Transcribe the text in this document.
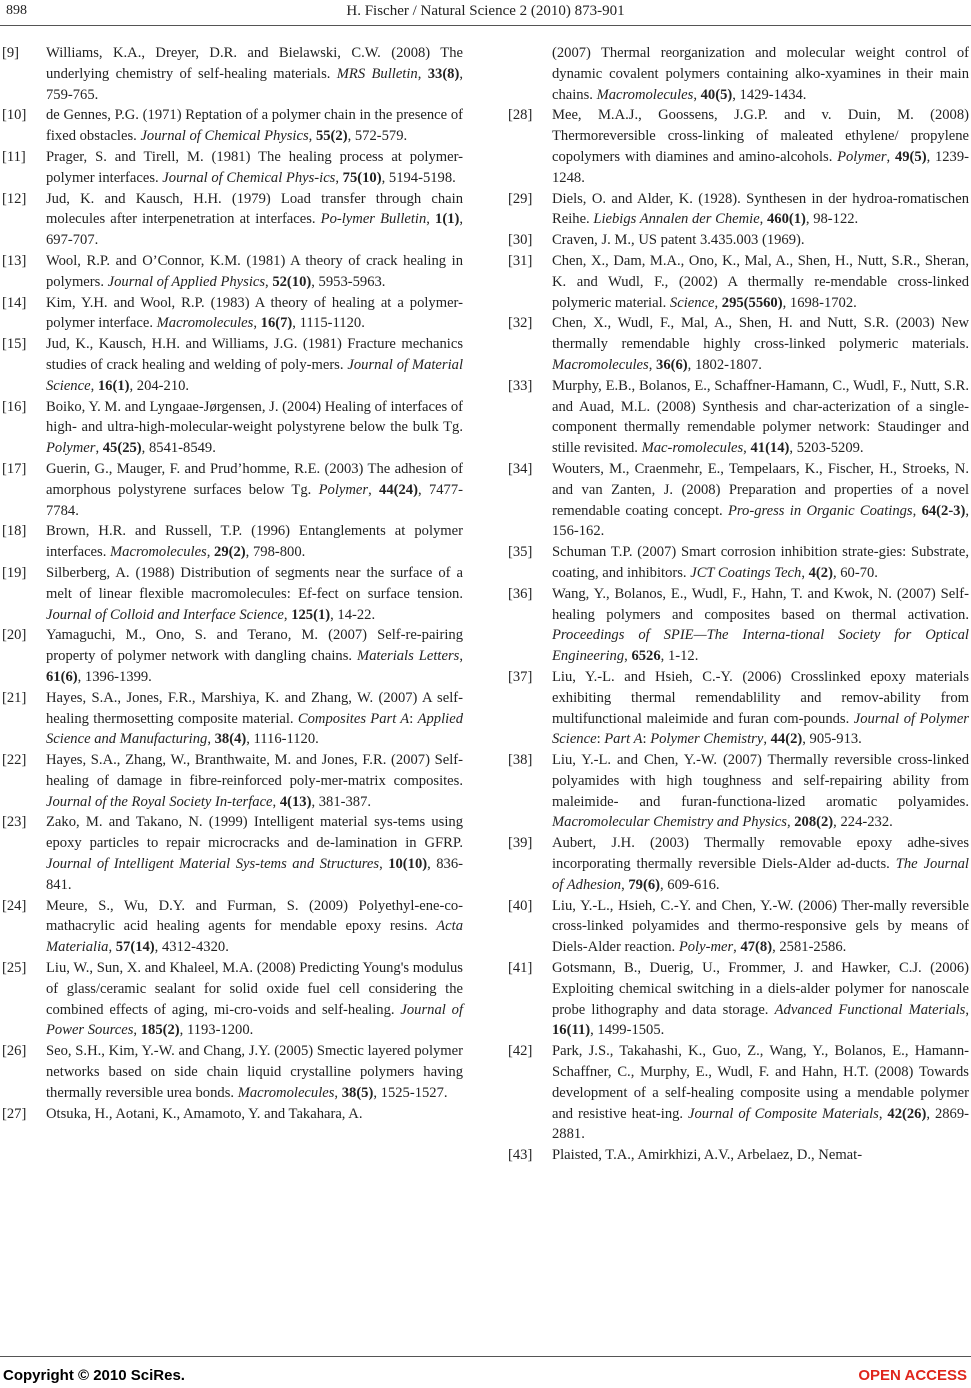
898	H. Fischer / Natural Science 2 (2010) 873-901
[9]	Williams, K.A., Dreyer, D.R. and Bielawski, C.W. (2008) The underlying chemistry of self-healing materials. MRS Bulletin, 33(8), 759-765.
[10]	de Gennes, P.G. (1971) Reptation of a polymer chain in the presence of fixed obstacles. Journal of Chemical Physics, 55(2), 572-579.
[11]	Prager, S. and Tirell, M. (1981) The healing process at polymer-polymer interfaces. Journal of Chemical Phys-ics, 75(10), 5194-5198.
[12]	Jud, K. and Kausch, H.H. (1979) Load transfer through chain molecules after interpenetration at interfaces. Po-lymer Bulletin, 1(1), 697-707.
[13]	Wool, R.P. and O’Connor, K.M. (1981) A theory of crack healing in polymers. Journal of Applied Physics, 52(10), 5953-5963.
[14]	Kim, Y.H. and Wool, R.P. (1983) A theory of healing at a polymer-polymer interface. Macromolecules, 16(7), 1115-1120.
[15]	Jud, K., Kausch, H.H. and Williams, J.G. (1981) Fracture mechanics studies of crack healing and welding of poly-mers. Journal of Material Science, 16(1), 204-210.
[16]	Boiko, Y. M. and Lyngaae-Jørgensen, J. (2004) Healing of interfaces of high- and ultra-high-molecular-weight polystyrene below the bulk Tg. Polymer, 45(25), 8541-8549.
[17]	Guerin, G., Mauger, F. and Prud’homme, R.E. (2003) The adhesion of amorphous polystyrene surfaces below Tg. Polymer, 44(24), 7477-7784.
[18]	Brown, H.R. and Russell, T.P. (1996) Entanglements at polymer interfaces. Macromolecules, 29(2), 798-800.
[19]	Silberberg, A. (1988) Distribution of segments near the surface of a melt of linear flexible macromolecules: Ef-fect on surface tension. Journal of Colloid and Interface Science, 125(1), 14-22.
[20]	Yamaguchi, M., Ono, S. and Terano, M. (2007) Self-re-pairing property of polymer network with dangling chains. Materials Letters, 61(6), 1396-1399.
[21]	Hayes, S.A., Jones, F.R., Marshiya, K. and Zhang, W. (2007) A self-healing thermosetting composite material. Composites Part A: Applied Science and Manufacturing, 38(4), 1116-1120.
[22]	Hayes, S.A., Zhang, W., Branthwaite, M. and Jones, F.R. (2007) Self-healing of damage in fibre-reinforced poly-mer-matrix composites. Journal of the Royal Society In-terface, 4(13), 381-387.
[23]	Zako, M. and Takano, N. (1999) Intelligent material sys-tems using epoxy particles to repair microcracks and de-lamination in GFRP. Journal of Intelligent Material Sys-tems and Structures, 10(10), 836-841.
[24]	Meure, S., Wu, D.Y. and Furman, S. (2009) Polyethyl-ene-co-mathacrylic acid healing agents for mendable epoxy resins. Acta Materialia, 57(14), 4312-4320.
[25]	Liu, W., Sun, X. and Khaleel, M.A. (2008) Predicting Young's modulus of glass/ceramic sealant for solid oxide fuel cell considering the combined effects of aging, mi-cro-voids and self-healing. Journal of Power Sources, 185(2), 1193-1200.
[26]	Seo, S.H., Kim, Y.-W. and Chang, J.Y. (2005) Smectic layered polymer networks based on side chain liquid crystalline polymers having thermally reversible urea bonds. Macromolecules, 38(5), 1525-1527.
[27]	Otsuka, H., Aotani, K., Amamoto, Y. and Takahara, A.
(2007) Thermal reorganization and molecular weight control of dynamic covalent polymers containing alko-xyamines in their main chains. Macromolecules, 40(5), 1429-1434.
[28]	Mee, M.A.J., Goossens, J.G.P. and v. Duin, M. (2008) Thermoreversible cross-linking of maleated ethylene/ propylene copolymers with diamines and amino-alcohols. Polymer, 49(5), 1239-1248.
[29]	Diels, O. and Alder, K. (1928). Synthesen in der hydroa-romatischen Reihe. Liebigs Annalen der Chemie, 460(1), 98-122.
[30]	Craven, J. M., US patent 3.435.003 (1969).
[31]	Chen, X., Dam, M.A., Ono, K., Mal, A., Shen, H., Nutt, S.R., Sheran, K. and Wudl, F., (2002) A thermally re-mendable cross-linked polymeric material. Science, 295(5560), 1698-1702.
[32]	Chen, X., Wudl, F., Mal, A., Shen, H. and Nutt, S.R. (2003) New thermally remendable highly cross-linked polymeric materials. Macromolecules, 36(6), 1802-1807.
[33]	Murphy, E.B., Bolanos, E., Schaffner-Hamann, C., Wudl, F., Nutt, S.R. and Auad, M.L. (2008) Synthesis and char-acterization of a single-component thermally remendable polymer network: Staudinger and stille revisited. Mac-romolecules, 41(14), 5203-5209.
[34]	Wouters, M., Craenmehr, E., Tempelaars, K., Fischer, H., Stroeks, N. and van Zanten, J. (2008) Preparation and properties of a novel remendable coating concept. Pro-gress in Organic Coatings, 64(2-3), 156-162.
[35]	Schuman T.P. (2007) Smart corrosion inhibition strate-gies: Substrate, coating, and inhibitors. JCT Coatings Tech, 4(2), 60-70.
[36]	Wang, Y., Bolanos, E., Wudl, F., Hahn, T. and Kwok, N. (2007) Self-healing polymers and composites based on thermal activation. Proceedings of SPIE—The Interna-tional Society for Optical Engineering, 6526, 1-12.
[37]	Liu, Y.-L. and Hsieh, C.-Y. (2006) Crosslinked epoxy materials exhibiting thermal remendablility and remov-ability from multifunctional maleimide and furan com-pounds. Journal of Polymer Science: Part A: Polymer Chemistry, 44(2), 905-913.
[38]	Liu, Y.-L. and Chen, Y.-W. (2007) Thermally reversible cross-linked polyamides with high toughness and self-repairing ability from maleimide- and furan-functiona-lized aromatic polyamides. Macromolecular Chemistry and Physics, 208(2), 224-232.
[39]	Aubert, J.H. (2003) Thermally removable epoxy adhe-sives incorporating thermally reversible Diels-Alder ad-ducts. The Journal of Adhesion, 79(6), 609-616.
[40]	Liu, Y.-L., Hsieh, C.-Y. and Chen, Y.-W. (2006) Ther-mally reversible cross-linked polyamides and thermo-responsive gels by means of Diels-Alder reaction. Poly-mer, 47(8), 2581-2586.
[41]	Gotsmann, B., Duerig, U., Frommer, J. and Hawker, C.J. (2006) Exploiting chemical switching in a diels-alder polymer for nanoscale probe lithography and data storage. Advanced Functional Materials, 16(11), 1499-1505.
[42]	Park, J.S., Takahashi, K., Guo, Z., Wang, Y., Bolanos, E., Hamann-Schaffner, C., Murphy, E., Wudl, F. and Hahn, H.T. (2008) Towards development of a self-healing composite using a mendable polymer and resistive heat-ing. Journal of Composite Materials, 42(26), 2869-2881.
[43]	Plaisted, T.A., Amirkhizi, A.V., Arbelaez, D., Nemat-
Copyright © 2010 SciRes.	OPEN ACCESS
